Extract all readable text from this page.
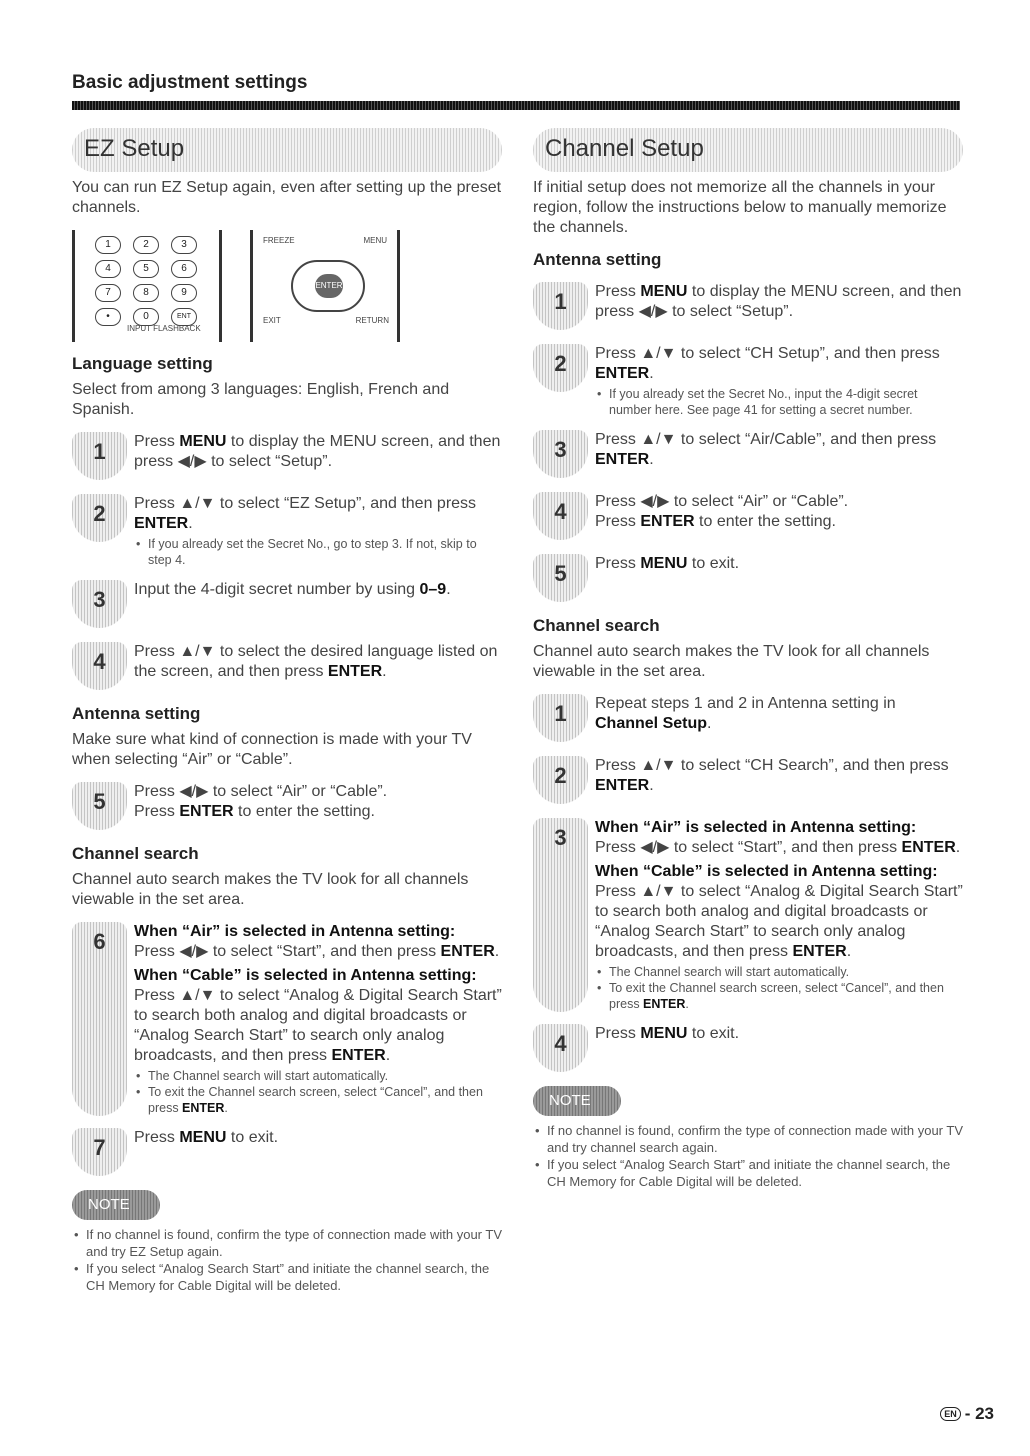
Basic adjustment settings
EZ Setup

You can run EZ Setup again, even after setting up the preset channels.

1	2	3
4	5	6
7	8	9
•	0	ENT
INPUT FLASHBACK
FREEZE	MENU
ENTER
EXIT	RETURN
Language setting

Select from among 3 languages: English, French and Spanish.

1	Press MENU to display the MENU screen, and then press ◀/▶ to select “Setup”.
2	Press ▲/▼ to select “EZ Setup”, and then press ENTER.
• If you already set the Secret No., go to step 3. If not, skip to step 4.
3	Input the 4-digit secret number by using 0–9.
4	Press ▲/▼ to select the desired language listed on the screen, and then press ENTER.
Antenna setting

Make sure what kind of connection is made with your TV when selecting “Air” or “Cable”.

5	Press ◀/▶ to select “Air” or “Cable”.
Press ENTER to enter the setting.
Channel search

Channel auto search makes the TV look for all channels viewable in the set area.

6	When “Air” is selected in Antenna setting:
Press ◀/▶ to select “Start”, and then press ENTER.
When “Cable” is selected in Antenna setting:
Press ▲/▼ to select “Analog & Digital Search Start” to search both analog and digital broadcasts or “Analog Search Start” to search only analog broadcasts, and then press ENTER.
• The Channel search will start automatically.
• To exit the Channel search screen, select “Cancel”, and then press ENTER.
7	Press MENU to exit.
NOTE
• If no channel is found, confirm the type of connection made with your TV and try EZ Setup again.
• If you select “Analog Search Start” and initiate the channel search, the CH Memory for Cable Digital will be deleted.
Channel Setup

If initial setup does not memorize all the channels in your region, follow the instructions below to manually memorize the channels.

Antenna setting
1	Press MENU to display the MENU screen, and then press ◀/▶ to select “Setup”.
2	Press ▲/▼ to select “CH Setup”, and then press ENTER.
• If you already set the Secret No., input the 4-digit secret number here. See page 41 for setting a secret number.
3	Press ▲/▼ to select “Air/Cable”, and then press ENTER.
4	Press ◀/▶ to select “Air” or “Cable”.
Press ENTER to enter the setting.
5	Press MENU to exit.
Channel search

Channel auto search makes the TV look for all channels viewable in the set area.

1	Repeat steps 1 and 2 in Antenna setting in Channel Setup.
2	Press ▲/▼ to select “CH Search”, and then press ENTER.
3	When “Air” is selected in Antenna setting:
Press ◀/▶ to select “Start”, and then press ENTER.
When “Cable” is selected in Antenna setting:
Press ▲/▼ to select “Analog & Digital Search Start” to search both analog and digital broadcasts or “Analog Search Start” to search only analog broadcasts, and then press ENTER.
• The Channel search will start automatically.
• To exit the Channel search screen, select “Cancel”, and then press ENTER.
4	Press MENU to exit.
NOTE
• If no channel is found, confirm the type of connection made with your TV and try channel search again.
• If you select “Analog Search Start” and initiate the channel search, the CH Memory for Cable Digital will be deleted.
EN - 23
